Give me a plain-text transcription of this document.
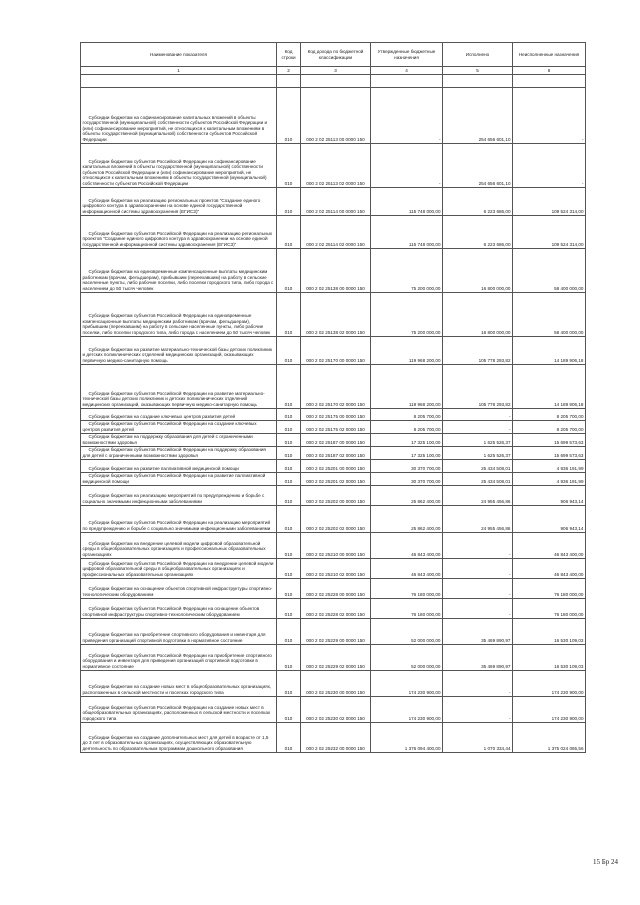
Наименование показателя	Код строки	Код дохода по бюджетной классификации	Утвержденные бюджетные назначения	Исполнено	Неисполненные назначения
1	2	3	4	5	6

Субсидии бюджетам на софинансирование капитальных вложений в объекты государственной (муниципальной) собственности субъектов Российской Федерации и (или) софинансирование мероприятий, не относящихся к капитальным вложениям в объекты государственной (муниципальной) собственности субъектов Российской Федерации	010	000 2 02 25113 00 0000 150	-	254 656 601,10	-
Субсидии бюджетам субъектов Российской Федерации на софинансирование капитальных вложений в объекты государственной (муниципальной) собственности субъектов Российской Федерации и (или) софинансирование мероприятий, не относящихся к капитальным вложениям в объекты государственной (муниципальной) собственности субъектов Российской Федерации	010	000 2 02 25113 02 0000 150	-	254 656 601,10	-
Субсидии бюджетам на реализацию региональных проектов "Создание единого цифрового контура в здравоохранении на основе единой государственной информационной системы здравоохранения (ЕГИСЗ)"	010	000 2 02 25114 00 0000 150	115 748 000,00	6 223 686,00	109 524 314,00
Субсидии бюджетам субъектов Российской Федерации на реализацию региональных проектов "Создание единого цифрового контура в здравоохранении на основе единой государственной информационной системы здравоохранения (ЕГИСЗ)"	010	000 2 02 25114 02 0000 150	115 748 000,00	6 223 686,00	109 524 314,00
Субсидии бюджетам на единовременные компенсационные выплаты медицинским работникам (врачам, фельдшерам), прибывшим (переехавшим) на работу в сельские населенные пункты, либо рабочие поселки, либо поселки городского типа, либо города с населением до 50 тысяч человек	010	000 2 02 25138 00 0000 150	75 200 000,00	16 800 000,00	58 400 000,00
Субсидии бюджетам субъектов Российской Федерации на единовременные компенсационные выплаты медицинским работникам (врачам, фельдшерам), прибывшим (переехавшим) на работу в сельские населенные пункты, либо рабочие поселки, либо поселки городского типа, либо города с населением до 50 тысяч человек	010	000 2 02 25138 02 0000 150	75 200 000,00	16 800 000,00	58 400 000,00
Субсидии бюджетам на развитие материально-технической базы детских поликлиник и детских поликлинических отделений медицинских организаций, оказывающих первичную медико-санитарную помощь	010	000 2 02 25170 00 0000 150	119 968 200,00	105 778 293,82	14 189 906,18
Субсидии бюджетам субъектов Российской Федерации на развитие материально-технической базы детских поликлиник и детских поликлинических отделений медицинских организаций, оказывающих первичную медико-санитарную помощь	010	000 2 02 25170 02 0000 150	119 968 200,00	105 778 293,82	14 189 906,18
Субсидии бюджетам на создание ключевых центров развития детей	010	000 2 02 25175 00 0000 150	8 205 700,00	-	8 205 700,00
Субсидии бюджетам субъектов Российской Федерации на создание ключевых центров развития детей	010	000 2 02 25175 02 0000 150	8 205 700,00	-	8 205 700,00
Субсидии бюджетам на поддержку образования для детей с ограниченными возможностями здоровья	010	000 2 02 25187 00 0000 150	17 325 100,00	1 625 526,37	15 699 573,63
Субсидии бюджетам субъектов Российской Федерации на поддержку образования для детей с ограниченными возможностями здоровья	010	000 2 02 25187 02 0000 150	17 325 100,00	1 625 526,37	15 699 573,63
Субсидии бюджетам на развитие паллиативной медицинской помощи	010	000 2 02 25201 00 0000 150	30 370 700,00	25 434 508,01	4 936 191,99
Субсидии бюджетам субъектов Российской Федерации на развитие паллиативной медицинской помощи	010	000 2 02 25201 02 0000 150	30 370 700,00	25 434 508,01	4 936 191,99
Субсидии бюджетам на реализацию мероприятий по предупреждению и борьбе с социально значимыми инфекционными заболеваниями	010	000 2 02 25202 00 0000 150	25 862 400,00	24 955 456,86	906 943,14
Субсидии бюджетам субъектов Российской Федерации на реализацию мероприятий по предупреждению и борьбе с социально значимыми инфекционными заболеваниями	010	000 2 02 25202 02 0000 150	25 862 400,00	24 955 456,86	906 943,14
Субсидии бюджетам на внедрение целевой модели цифровой образовательной среды в общеобразовательных организациях и профессиональных образовательных организациях	010	000 2 02 25210 00 0000 150	46 843 400,00	-	46 843 400,00
Субсидии бюджетам субъектов Российской Федерации на внедрение целевой модели цифровой образовательной среды в общеобразовательных организациях и профессиональных образовательных организациях	010	000 2 02 25210 02 0000 150	46 843 400,00	-	46 843 400,00
Субсидии бюджетам на оснащение объектов спортивной инфраструктуры спортивно-технологическим оборудованием	010	000 2 02 25228 00 0000 150	76 180 000,00	-	76 180 000,00
Субсидии бюджетам субъектов Российской Федерации на оснащение объектов спортивной инфраструктуры спортивно-технологическим оборудованием	010	000 2 02 25228 02 0000 150	76 180 000,00	-	76 180 000,00
Субсидии бюджетам на приобретение спортивного оборудования и инвентаря для приведения организаций спортивной подготовки в нормативное состояние	010	000 2 02 25229 00 0000 150	52 000 000,00	35 469 890,97	16 530 109,03
Субсидии бюджетам субъектов Российской Федерации на приобретение спортивного оборудования и инвентаря для приведения организаций спортивной подготовки в нормативное состояние	010	000 2 02 25229 02 0000 150	52 000 000,00	35 469 890,97	16 530 109,03
Субсидии бюджетам на создание новых мест в общеобразовательных организациях, расположенных в сельской местности и поселках городского типа	010	000 2 02 25230 00 0000 150	174 230 900,00	-	174 230 900,00
Субсидии бюджетам субъектов Российской Федерации на создание новых мест в общеобразовательных организациях, расположенных в сельской местности и поселках городского типа	010	000 2 02 25230 02 0000 150	174 230 900,00	-	174 230 900,00
Субсидии бюджетам на создание дополнительных мест для детей в возрасте от 1,5 до 3 лет в образовательных организациях, осуществляющих образовательную деятельность по образовательным программам дошкольного образования	010	000 2 02 25232 00 0000 150	1 376 094 400,00	1 070 334,44	1 375 024 065,56
15 Бр 24
